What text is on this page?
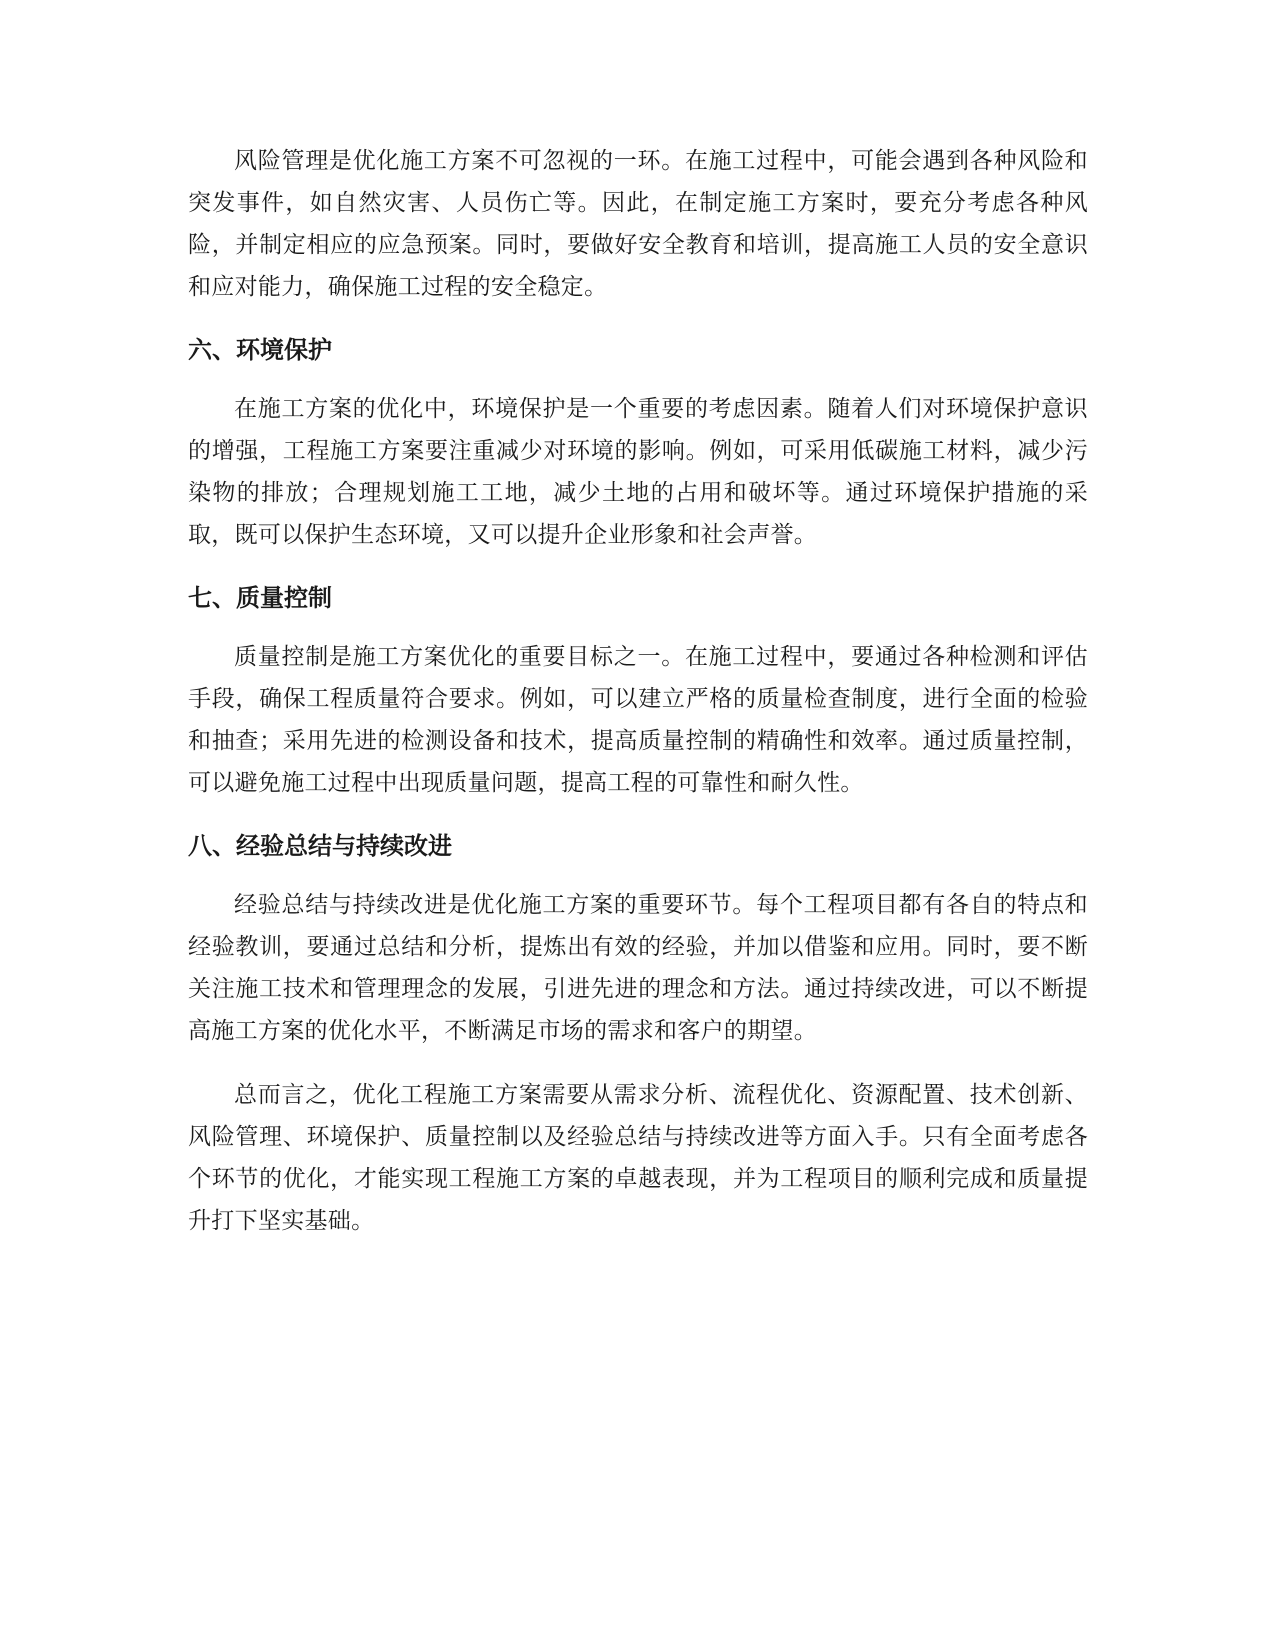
风险管理是优化施工方案不可忽视的一环。在施工过程中，可能会遇到各种风险和突发事件，如自然灾害、人员伤亡等。因此，在制定施工方案时，要充分考虑各种风险，并制定相应的应急预案。同时，要做好安全教育和培训，提高施工人员的安全意识和应对能力，确保施工过程的安全稳定。

六、环境保护

在施工方案的优化中，环境保护是一个重要的考虑因素。随着人们对环境保护意识的增强，工程施工方案要注重减少对环境的影响。例如，可采用低碳施工材料，减少污染物的排放；合理规划施工工地，减少土地的占用和破坏等。通过环境保护措施的采取，既可以保护生态环境，又可以提升企业形象和社会声誉。

七、质量控制

质量控制是施工方案优化的重要目标之一。在施工过程中，要通过各种检测和评估手段，确保工程质量符合要求。例如，可以建立严格的质量检查制度，进行全面的检验和抽查；采用先进的检测设备和技术，提高质量控制的精确性和效率。通过质量控制，可以避免施工过程中出现质量问题，提高工程的可靠性和耐久性。

八、经验总结与持续改进

经验总结与持续改进是优化施工方案的重要环节。每个工程项目都有各自的特点和经验教训，要通过总结和分析，提炼出有效的经验，并加以借鉴和应用。同时，要不断关注施工技术和管理理念的发展，引进先进的理念和方法。通过持续改进，可以不断提高施工方案的优化水平，不断满足市场的需求和客户的期望。

总而言之，优化工程施工方案需要从需求分析、流程优化、资源配置、技术创新、风险管理、环境保护、质量控制以及经验总结与持续改进等方面入手。只有全面考虑各个环节的优化，才能实现工程施工方案的卓越表现，并为工程项目的顺利完成和质量提升打下坚实基础。
